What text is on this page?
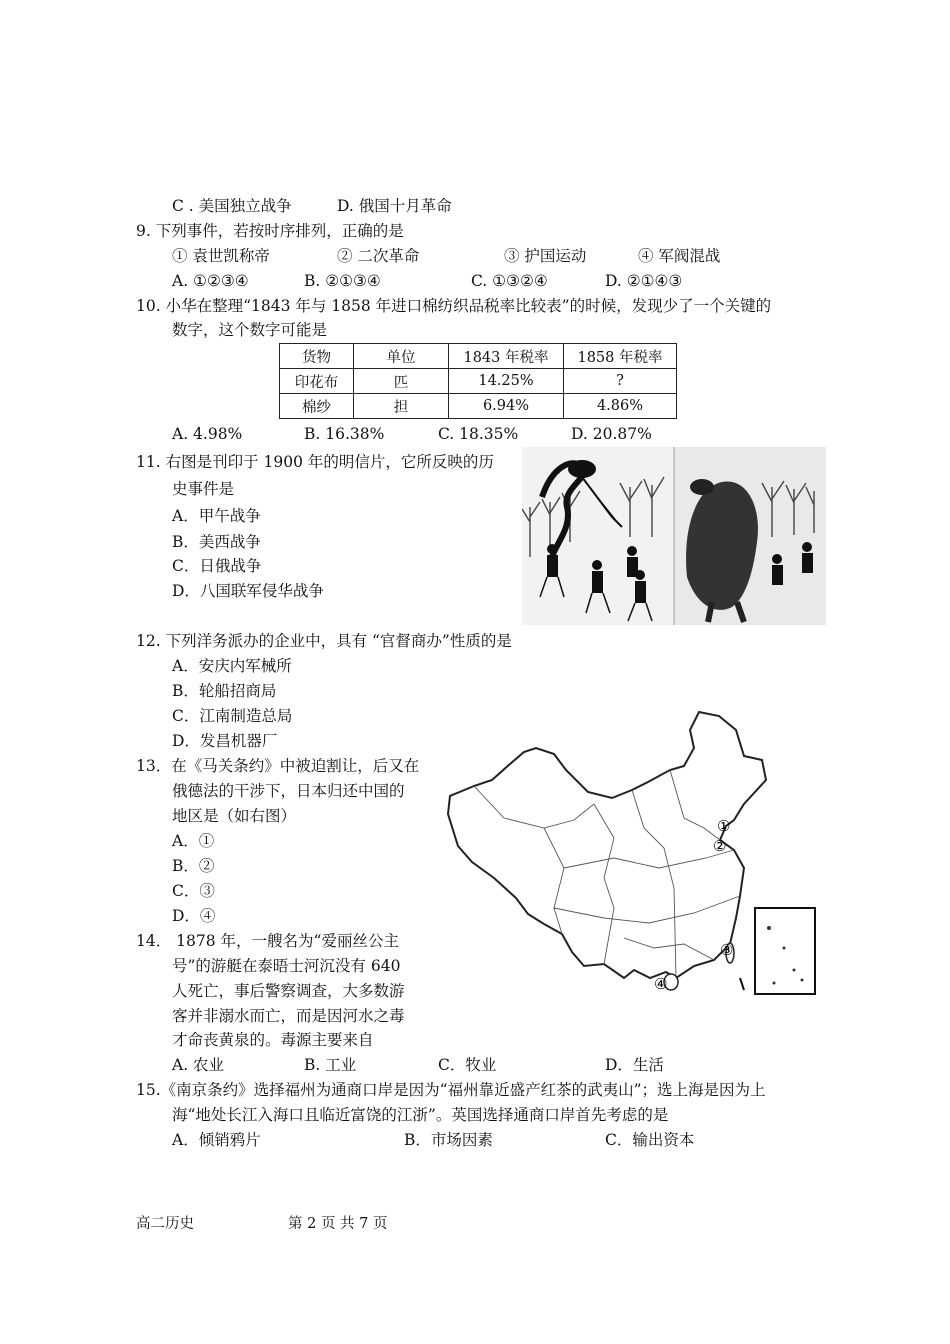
C . 美国独立战争	D. 俄国十月革命
9. 下列事件，若按时序排列，正确的是
① 袁世凯称帝	② 二次革命	③ 护国运动	④ 军阀混战
A. ①②③④	B. ②①③④	C. ①③②④	D. ②①④③
10. 小华在整理“1843 年与 1858 年进口棉纺织品税率比较表”的时候，发现少了一个关键的
数字，这个数字可能是
货物	单位	1843 年税率	1858 年税率
印花布	匹	14.25%	?
棉纱	担	6.94%	4.86%
A. 4.98%	B. 16.38%	C. 18.35%	D. 20.87%
11. 右图是刊印于 1900 年的明信片，它所反映的历
史事件是
A．甲午战争
B．美西战争
C．日俄战争
D．八国联军侵华战争
12. 下列洋务派办的企业中，具有 “官督商办”性质的是
A．安庆内军械所
B．轮船招商局
C．江南制造总局
D．发昌机器厂
13．在《马关条约》中被迫割让，后又在
俄德法的干涉下，日本归还中国的
地区是（如右图）
A．①
B．②
C．③
D．④
①
②
③
④
14． 1878 年，一艘名为“爱丽丝公主
号”的游艇在泰晤士河沉没有 640
人死亡，事后警察调查，大多数游
客并非溺水而亡，而是因河水之毒
才命丧黄泉的。毒源主要来自
A. 农业	B. 工业	C．牧业	D．生活
15.《南京条约》选择福州为通商口岸是因为“福州靠近盛产红茶的武夷山”；选上海是因为上
海“地处长江入海口且临近富饶的江浙”。英国选择通商口岸首先考虑的是
A．倾销鸦片	B．市场因素	C．输出资本
高二历史	第 2 页 共 7 页
